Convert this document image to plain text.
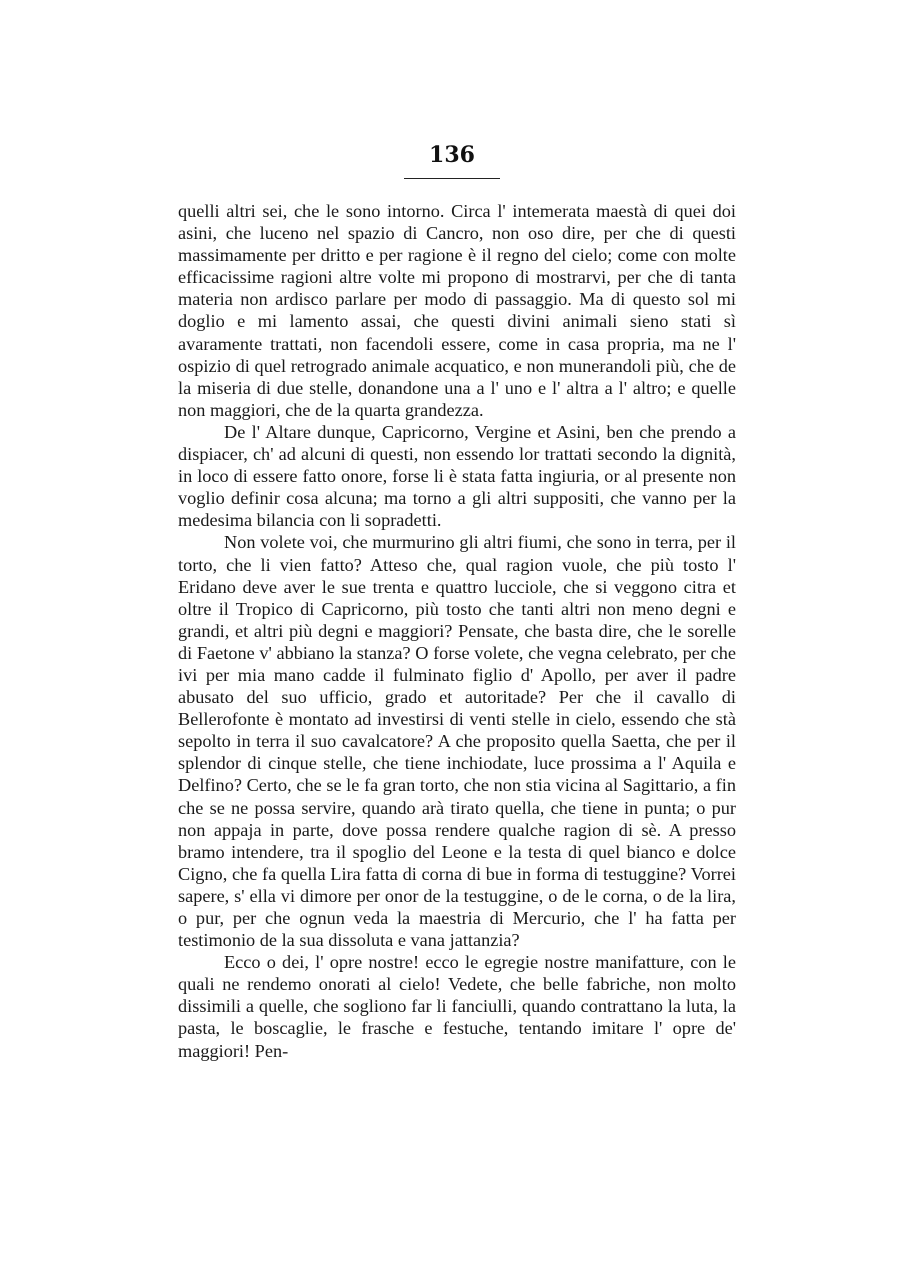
136

quelli altri sei, che le sono intorno. Circa l' intemerata maestà di quei doi asini, che luceno nel spazio di Cancro, non oso dire, per che di questi massimamente per dritto e per ragione è il regno del cielo; come con molte efficacissime ragioni altre volte mi propono di mostrarvi, per che di tanta materia non ardisco parlare per modo di passaggio. Ma di questo sol mi doglio e mi lamento assai, che questi divini animali sieno stati sì avaramente trattati, non facendoli essere, come in casa propria, ma ne l' ospizio di quel retrogrado animale acquatico, e non munerandoli più, che de la miseria di due stelle, donandone una a l' uno e l' altra a l' altro; e quelle non maggiori, che de la quarta grandezza.

De l' Altare dunque, Capricorno, Vergine et Asini, ben che prendo a dispiacer, ch' ad alcuni di questi, non essendo lor trattati secondo la dignità, in loco di essere fatto onore, forse li è stata fatta ingiuria, or al presente non voglio definir cosa alcuna; ma torno a gli altri suppositi, che vanno per la medesima bilancia con li sopradetti.

Non volete voi, che murmurino gli altri fiumi, che sono in terra, per il torto, che li vien fatto? Atteso che, qual ragion vuole, che più tosto l' Eridano deve aver le sue trenta e quattro lucciole, che si veggono citra et oltre il Tropico di Capricorno, più tosto che tanti altri non meno degni e grandi, et altri più degni e maggiori? Pensate, che basta dire, che le sorelle di Faetone v' abbiano la stanza? O forse volete, che vegna celebrato, per che ivi per mia mano cadde il fulminato figlio d' Apollo, per aver il padre abusato del suo ufficio, grado et autoritade? Per che il cavallo di Bellerofonte è montato ad investirsi di venti stelle in cielo, essendo che stà sepolto in terra il suo cavalcatore? A che proposito quella Saetta, che per il splendor di cinque stelle, che tiene inchiodate, luce prossima a l' Aquila e Delfino? Certo, che se le fa gran torto, che non stia vicina al Sagittario, a fin che se ne possa servire, quando arà tirato quella, che tiene in punta; o pur non appaja in parte, dove possa rendere qualche ragion di sè. A presso bramo intendere, tra il spoglio del Leone e la testa di quel bianco e dolce Cigno, che fa quella Lira fatta di corna di bue in forma di testuggine? Vorrei sapere, s' ella vi dimore per onor de la testuggine, o de le corna, o de la lira, o pur, per che ognun veda la maestria di Mercurio, che l' ha fatta per testimonio de la sua dissoluta e vana jattanzia?

Ecco o dei, l' opre nostre! ecco le egregie nostre manifatture, con le quali ne rendemo onorati al cielo! Vedete, che belle fabriche, non molto dissimili a quelle, che sogliono far li fanciulli, quando contrattano la luta, la pasta, le boscaglie, le frasche e festuche, tentando imitare l' opre de' maggiori! Pen-
